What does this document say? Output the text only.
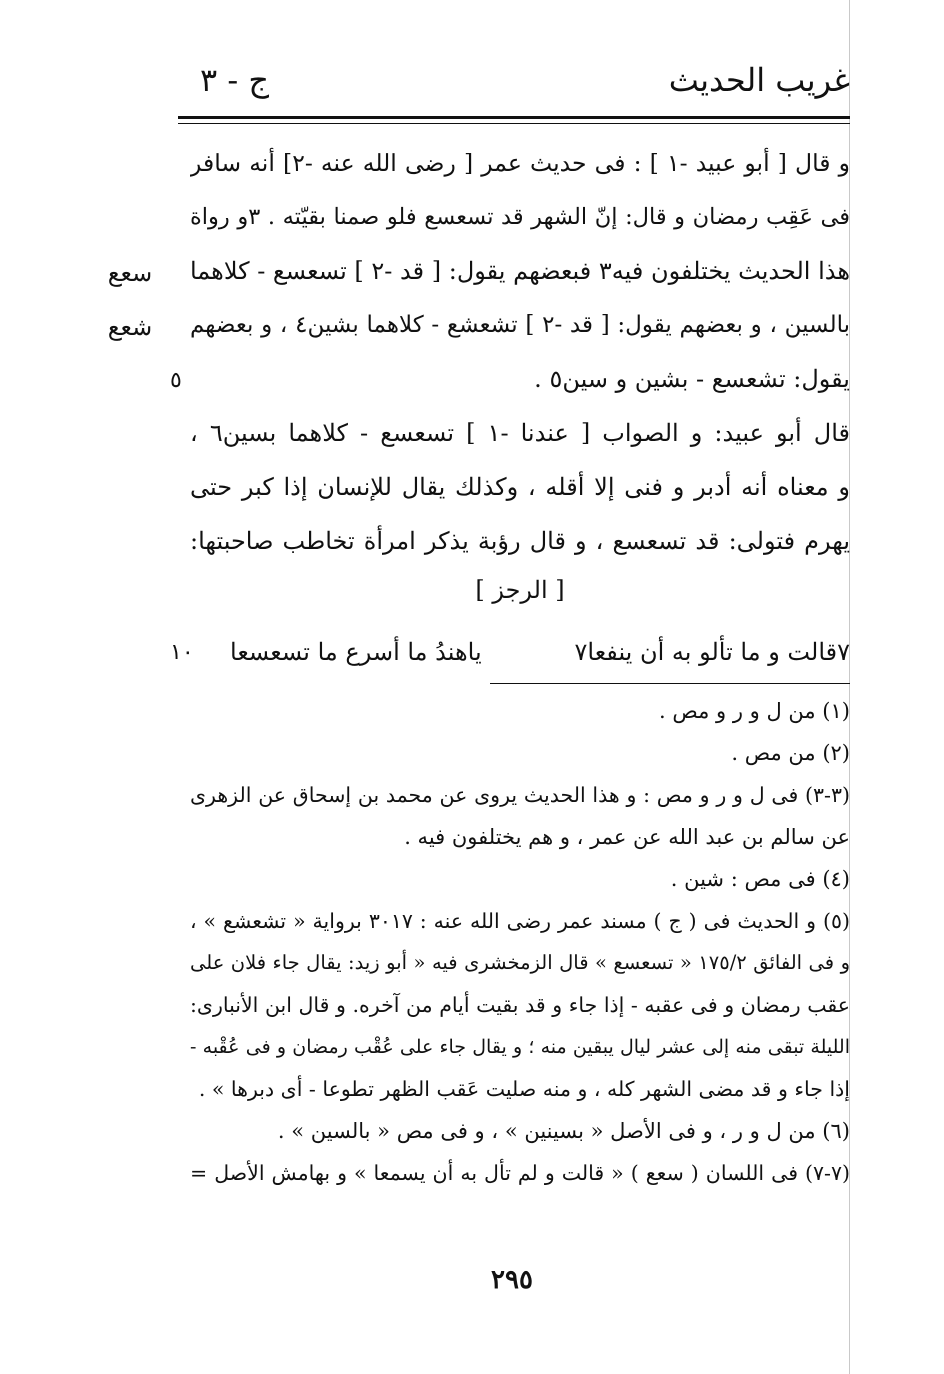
غريب الحديث
ج - ٣
و قال [ أبو عبيد -١ ] : فى حديث عمر [ رضى الله عنه -٢] أنه سافر
فى عَقِب رمضان و قال: إنّ الشهر قد تسعسع فلو صمنا بقيّته . ٣و رواة
هذا الحديث يختلفون فيه٣ فبعضهم يقول: [ قد -٢ ] تسعسع - كلاهما
بالسين ، و بعضهم يقول: [ قد -٢ ] تشعشع - كلاهما بشين٤ ، و بعضهم
يقول: تشعسع - بشين و سين٥ .
قال أبو عبيد: و الصواب [ عندنا -١ ] تسعسع - كلاهما بسين٦ ،
و معناه أنه أدبر و فنى إلا أقله ، وكذلك يقال للإنسان إذا كبر حتى
يهرم فتولى: قد تسعسع ، و قال رؤبة يذكر امرأة تخاطب صاحبتها:
[ الرجز ]
سعع
شعع
٥
١٠	٧قالت و ما تألو به أن ينفعا٧
ياهندُ ما أسرع ما تسعسعا
(١) من ل و ر و مص .
(٢) من مص .
(٣-٣) فى ل و ر و مص : و هذا الحديث يروى عن محمد بن إسحاق عن الزهرى
عن سالم بن عبد الله عن عمر ، و هم يختلفون فيه .
(٤) فى مص : شين .
(٥) و الحديث فى ( ج ) مسند عمر رضى الله عنه : ٣٠١٧ برواية « تشعشع » ،
و فى الفائق ١٧٥/٢ « تسعسع » قال الزمخشرى فيه « أبو زيد: يقال جاء فلان على
عقب رمضان و فى عقبه - إذا جاء و قد بقيت أيام من آخره. و قال ابن الأنبارى:
الليلة تبقى منه إلى عشر ليال يبقين منه ؛ و يقال جاء على عُقْب رمضان و فى عُقْبه -
إذا جاء و قد مضى الشهر كله ، و منه صليت عَقب الظهر تطوعا - أى دبرها » .
(٦) من ل و ر ، و فى الأصل « بسينين » ، و فى مص « بالسين » .
(٧-٧) فى اللسان ( سعع ) « قالت و لم تأل به أن يسمعا » و بهامش الأصل =
٢٩٥
